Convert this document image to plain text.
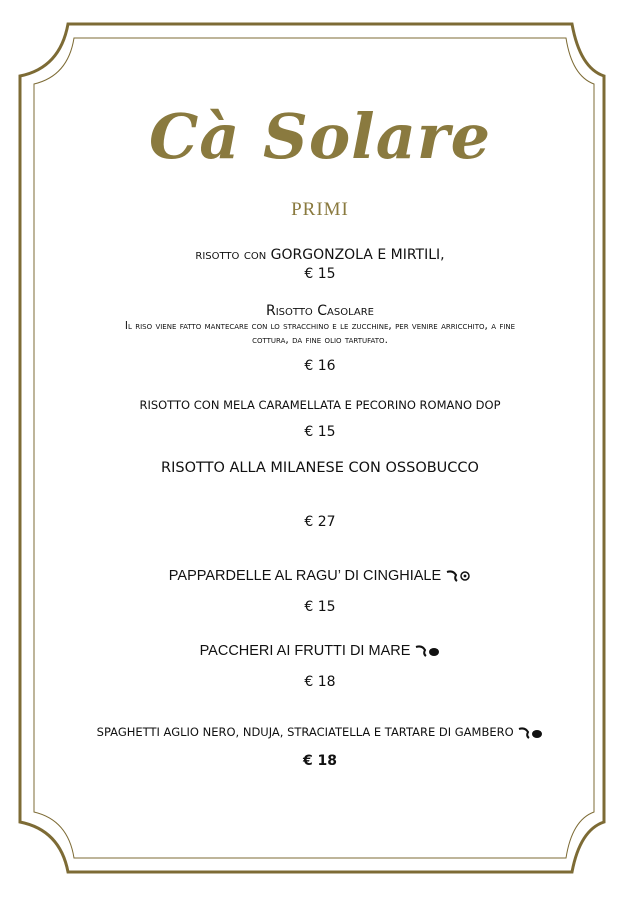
Cà Solare
PRIMI
risotto con GORGONZOLA E MIRTILI,
€ 15
Risotto Casolare
Il riso viene fatto mantecare con lo stracchino e le zucchine, per venire arricchito, a fine
cottura, da fine olio tartufato.
€ 16
RISOTTO CON MELA CARAMELLATA E PECORINO ROMANO DOP
€ 15
RISOTTO ALLA MILANESE CON OSSOBUCCO
€ 27
PAPPARDELLE AL RAGU’ DI CINGHIALE
€ 15
PACCHERI AI FRUTTI DI MARE
€ 18
SPAGHETTI AGLIO NERO, NDUJA, STRACIATELLA E TARTARE DI GAMBERO
€ 18
